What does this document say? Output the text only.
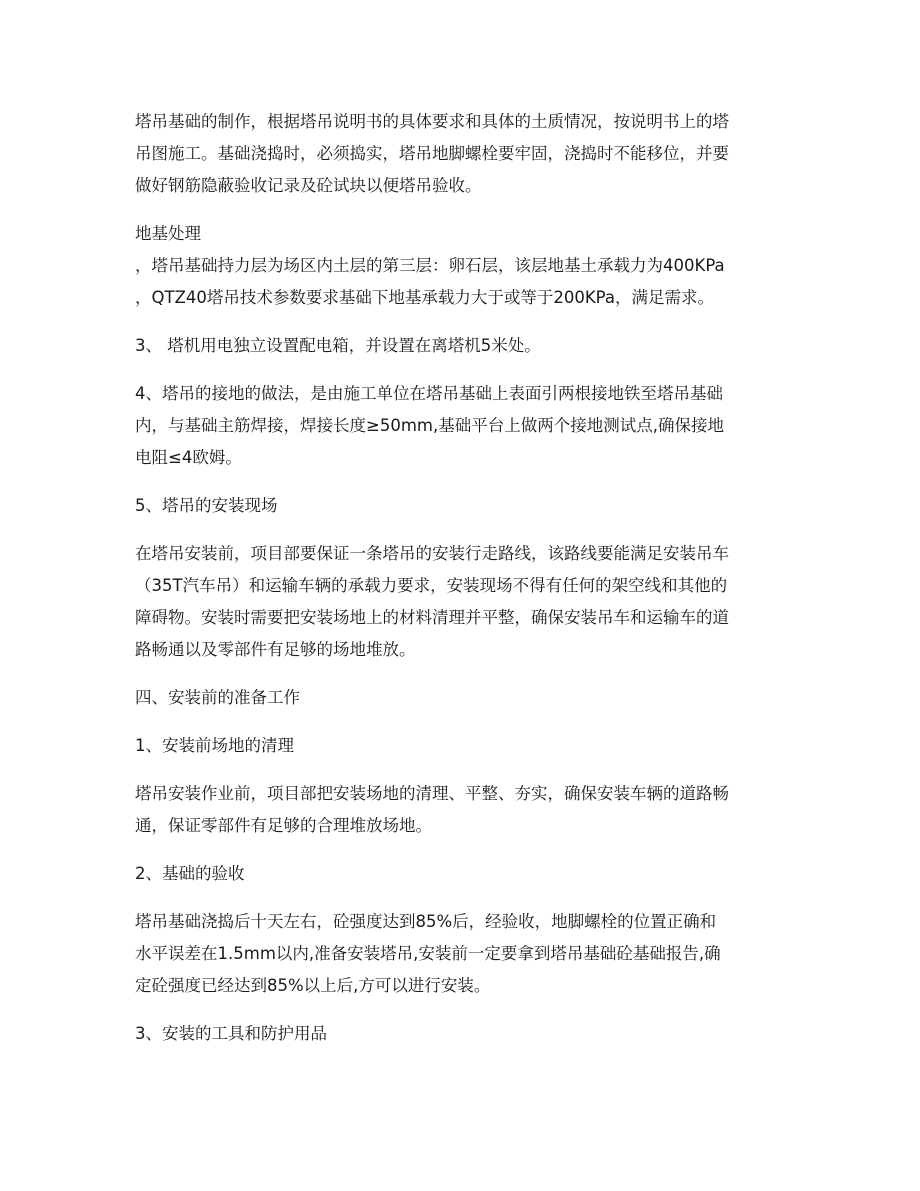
塔吊基础的制作，根据塔吊说明书的具体要求和具体的土质情况，按说明书上的塔
吊图施工。基础浇捣时，必须捣实，塔吊地脚螺栓要牢固，浇捣时不能移位，并要
做好钢筋隐蔽验收记录及砼试块以便塔吊验收。
地基处理
，塔吊基础持力层为场区内土层的第三层：卵石层，该层地基土承载力为400KPa
，QTZ40塔吊技术参数要求基础下地基承载力大于或等于200KPa，满足需求。
3、 塔机用电独立设置配电箱，并设置在离塔机5米处。
4、塔吊的接地的做法，是由施工单位在塔吊基础上表面引两根接地铁至塔吊基础
内，与基础主筋焊接，焊接长度≥50mm,基础平台上做两个接地测试点,确保接地
电阻≤4欧姆。
5、塔吊的安装现场
在塔吊安装前，项目部要保证一条塔吊的安装行走路线，该路线要能满足安装吊车
（35T汽车吊）和运输车辆的承载力要求，安装现场不得有任何的架空线和其他的
障碍物。安装时需要把安装场地上的材料清理并平整，确保安装吊车和运输车的道
路畅通以及零部件有足够的场地堆放。
四、安装前的准备工作
1、安装前场地的清理
塔吊安装作业前，项目部把安装场地的清理、平整、夯实，确保安装车辆的道路畅
通，保证零部件有足够的合理堆放场地。
2、基础的验收
塔吊基础浇捣后十天左右，砼强度达到85%后，经验收，地脚螺栓的位置正确和
水平误差在1.5mm以内,准备安装塔吊,安装前一定要拿到塔吊基础砼基础报告,确
定砼强度已经达到85%以上后,方可以进行安装。
3、安装的工具和防护用品
